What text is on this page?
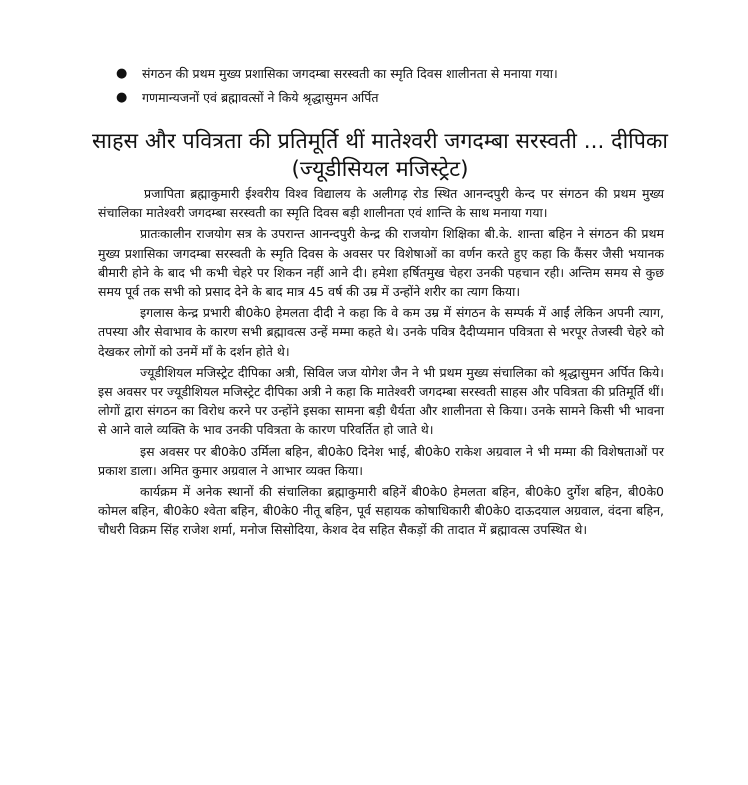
● संगठन की प्रथम मुख्य प्रशासिका जगदम्बा सरस्वती का स्मृति दिवस शालीनता से मनाया गया।
● गणमान्यजनों एवं ब्रह्मावत्सों ने किये श्रृद्धासुमन अर्पित
साहस और पवित्रता की प्रतिमूर्ति थीं मातेश्वरी जगदम्बा सरस्वती ... दीपिका (ज्यूडीसियल मजिस्ट्रेट)

प्रजापिता ब्रह्माकुमारी ईश्वरीय विश्व विद्यालय के अलीगढ़ रोड स्थित आनन्दपुरी केन्द पर संगठन की प्रथम मुख्य संचालिका मातेश्वरी जगदम्बा सरस्वती का स्मृति दिवस बड़ी शालीनता एवं शान्ति के साथ मनाया गया।

प्रातःकालीन राजयोग सत्र के उपरान्त आनन्दपुरी केन्द्र की राजयोग शिक्षिका बी.के. शान्ता बहिन ने संगठन की प्रथम मुख्य प्रशासिका जगदम्बा सरस्वती के स्मृति दिवस के अवसर पर विशेषाओं का वर्णन करते हुए कहा कि कैंसर जैसी भयानक बीमारी होने के बाद भी कभी चेहरे पर शिकन नहीं आने दी। हमेशा हर्षितमुख चेहरा उनकी पहचान रही। अन्तिम समय से कुछ समय पूर्व तक सभी को प्रसाद देने के बाद मात्र 45 वर्ष की उम्र में उन्होंने शरीर का त्याग किया।

इगलास केन्द्र प्रभारी बी0के0 हेमलता दीदी ने कहा कि वे कम उम्र में संगठन के सम्पर्क में आईं लेकिन अपनी त्याग, तपस्या और सेवाभाव के कारण सभी ब्रह्मावत्स उन्हें मम्मा कहते थे। उनके पवित्र दैदीप्यमान पवित्रता से भरपूर तेजस्वी चेहरे को देखकर लोगों को उनमें माँ के दर्शन होते थे।

ज्यूडीशियल मजिस्ट्रेट दीपिका अत्री, सिविल जज योगेश जैन ने भी प्रथम मुख्य संचालिका को श्रृद्धासुमन अर्पित किये। इस अवसर पर ज्यूडीशियल मजिस्ट्रेट दीपिका अत्री ने कहा कि मातेश्वरी जगदम्बा सरस्वती साहस और पवित्रता की प्रतिमूर्ति थीं। लोगों द्वारा संगठन का विरोध करने पर उन्होंने इसका सामना बड़ी धैर्यता और शालीनता से किया। उनके सामने किसी भी भावना से आने वाले व्यक्ति के भाव उनकी पवित्रता के कारण परिवर्तित हो जाते थे।

इस अवसर पर बी0के0 उर्मिला बहिन, बी0के0 दिनेश भाई, बी0के0 राकेश अग्रवाल ने भी मम्मा की विशेषताओं पर प्रकाश डाला। अमित कुमार अग्रवाल ने आभार व्यक्त किया।

कार्यक्रम में अनेक स्थानों की संचालिका ब्रह्माकुमारी बहिनें बी0के0 हेमलता बहिन, बी0के0 दुर्गेश बहिन, बी0के0 कोमल बहिन, बी0के0 श्वेता बहिन, बी0के0 नीतू बहिन, पूर्व सहायक कोषाधिकारी बी0के0 दाऊदयाल अग्रवाल, वंदना बहिन, चौधरी विक्रम सिंह राजेश शर्मा, मनोज सिसोदिया, केशव देव सहित सैकड़ों की तादात में ब्रह्मावत्स उपस्थित थे।
